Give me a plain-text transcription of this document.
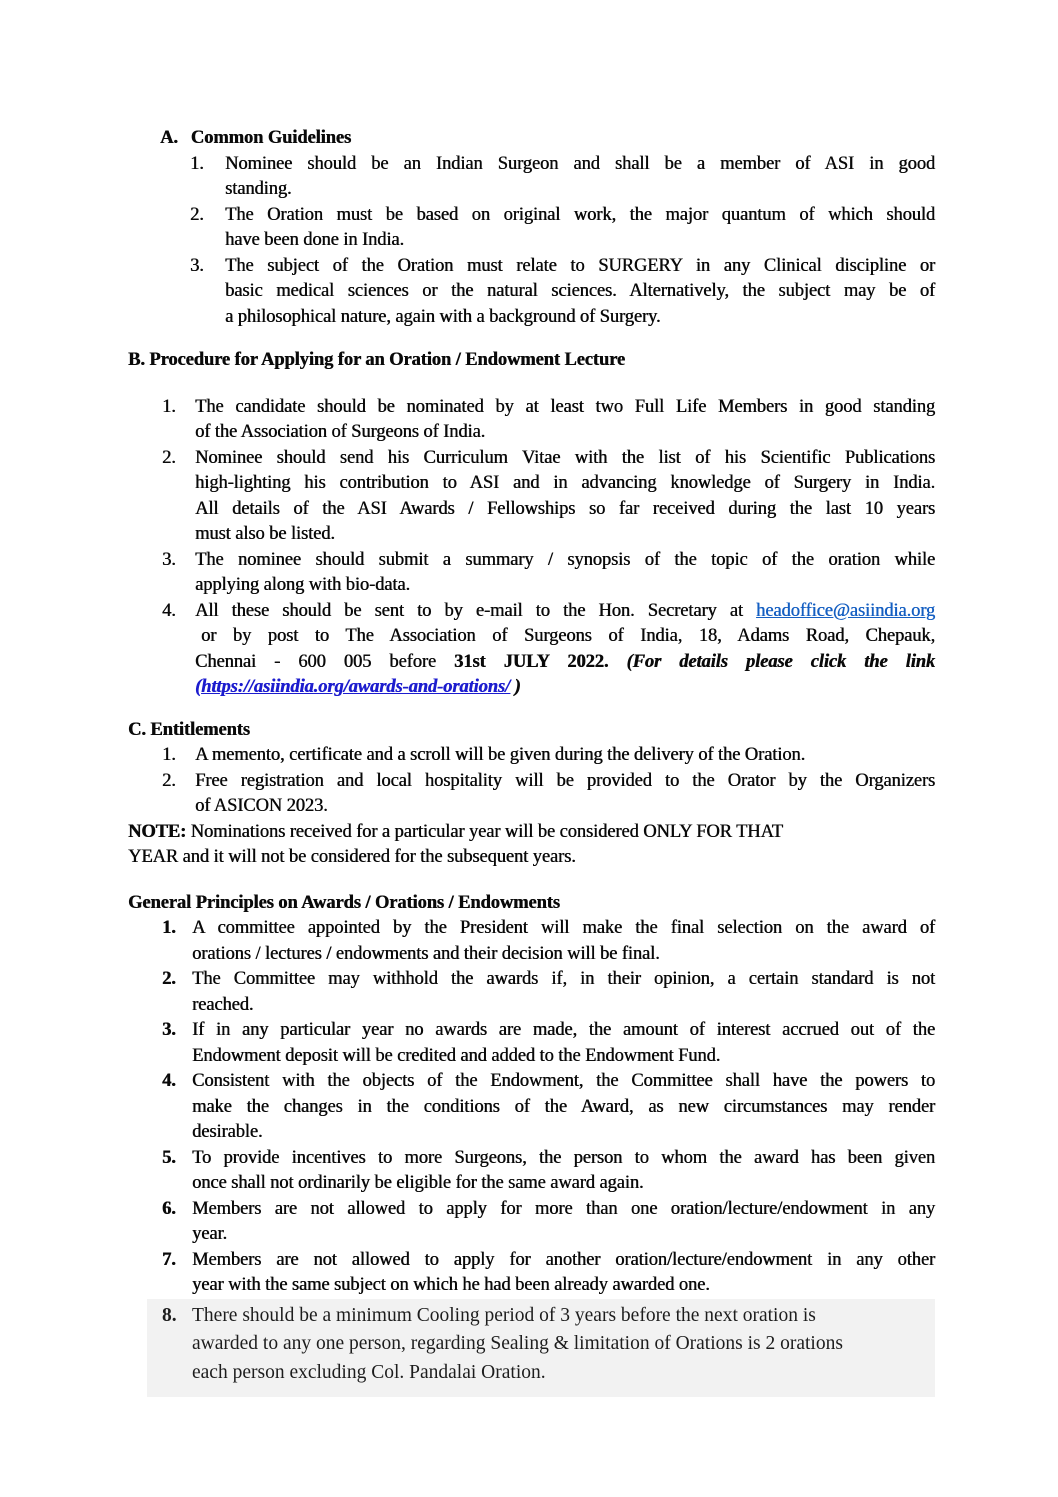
A. Common Guidelines
1.	Nominee should be an Indian Surgeon and shall be a member of ASI in good
standing.
2.	The Oration must be based on original work, the major quantum of which should
have been done in India.
3.	The subject of the Oration must relate to SURGERY in any Clinical discipline or
basic medical sciences or the natural sciences. Alternatively, the subject may be of
a philosophical nature, again with a background of Surgery.
B. Procedure for Applying for an Oration / Endowment Lecture
1.	The candidate should be nominated by at least two Full Life Members in good standing
of the Association of Surgeons of India.
2.	Nominee should send his Curriculum Vitae with the list of his Scientific Publications
high-lighting his contribution to ASI and in advancing knowledge of Surgery in India.
All details of the ASI Awards / Fellowships so far received during the last 10 years
must also be listed.
3.	The nominee should submit a summary / synopsis of the topic of the oration while
applying along with bio-data.
4.	All these should be sent to by e-mail to the Hon. Secretary at headoffice@asiindia.org
or by post to The Association of Surgeons of India, 18, Adams Road, Chepauk,
Chennai - 600 005 before 31st JULY 2022. (For details please click the link
(https://asiindia.org/awards-and-orations/ )
C. Entitlements
1.	A memento, certificate and a scroll will be given during the delivery of the Oration.
2.	Free registration and local hospitality will be provided to the Orator by the Organizers
of ASICON 2023.
NOTE: Nominations received for a particular year will be considered ONLY FOR THAT
YEAR and it will not be considered for the subsequent years.
General Principles on Awards / Orations / Endowments
1. A committee appointed by the President will make the final selection on the award of
orations / lectures / endowments and their decision will be final.
2. The Committee may withhold the awards if, in their opinion, a certain standard is not
reached.
3. If in any particular year no awards are made, the amount of interest accrued out of the
Endowment deposit will be credited and added to the Endowment Fund.
4. Consistent with the objects of the Endowment, the Committee shall have the powers to
make the changes in the conditions of the Award, as new circumstances may render
desirable.
5. To provide incentives to more Surgeons, the person to whom the award has been given
once shall not ordinarily be eligible for the same award again.
6. Members are not allowed to apply for more than one oration/lecture/endowment in any
year.
7. Members are not allowed to apply for another oration/lecture/endowment in any other
year with the same subject on which he had been already awarded one.
8. There should be a minimum Cooling period of 3 years before the next oration is
awarded to any one person, regarding Sealing & limitation of Orations is 2 orations
each person excluding Col. Pandalai Oration.
